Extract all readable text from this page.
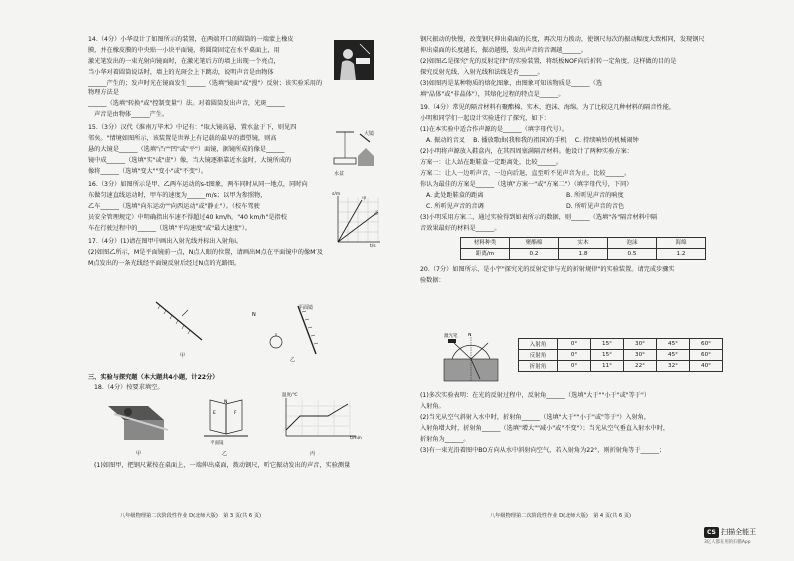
14.（4分）小华设计了如图所示的装置，在两端开口的圆筒的一端蒙上橡皮

膜，并在橡皮膜的中央贴一小块平面镜，将圆筒固定在水平桌面上，用

激光笔发出的一束光射向镜面时，在激光笔后方的墙上出现一个亮点，

当小华对着圆筒说话时，墙上的光斑会上下跳动，说明声音是由物体

______产生的；发声时光在镜面发生______（选填"镜面"或"漫"）反射；该实验采用的物理方法是

______（选填"转换"或"控制变量"）法。对着圆筒发出声音，光斑______

声音是由物体______产生。

15.（3分）汉代《淮南万毕术》中记有："取大镜高悬，置水盆于下，则见四

邻矣。"情境如图所示，该装置是世界上有记载的最早的潜望镜，则高

悬的大镜是______（选填"凸""凹"或"平"）面镜，据镜所成的像是______

镜中成______（选填"实"或"虚"）像，当大镜逐渐靠近水盆时，大镜所成的

像将______（选填"变大""变小"或"不变"）。

16.（3分）如图所示是甲、乙两车运动的s-t图象，两车同时从同一地点，同时向

东做匀速直线运动时，甲车的速度为______m/s；以甲为参照物，

乙车______（选填"向东运动""向西运动"或"静止"）。（校车驾驶

员安全管理规定）中明确指出车速不得超过40 km/h，"40 km/h"是指校

车在行驶过程中的______（选填"平均速度"或"最大速度"）。

17.（4分）(1)请在图甲中画出入射光线并标出入射角i。

(2)如图乙所示，M是平面镜前一点，N点人眼的位置，请画出M点在平面镜中的像M′及

M点发出的一条光线经平面镜反射后经过N点的光路图。

大镜
水盆
s/m
t/s
甲
乙
甲
N
平面镜
乙

三、实验与探究题（本大题共4小题，计22分）

18.（4分）按要求填空。

甲
E	F
N
平面镜
乙
温度/℃
t/min
丙

(1)如图甲，把钢尺紧按在桌面上，一端伸出桌面，拨动钢尺，听它振动发出的声音，实验测量

八年级物理第二次阶段性作业 D(北师大版)　第 3 页(共 6 页)

钢尺振动的快慢，改变钢尺伸出桌面的长度，再次用力拨动，使钢尺每次的振动幅度大致相同，发现钢尺

伸出桌面的长度越长，振动越慢，发出声音的音调越______。

(2)如图乙是探究"光的反射定律"的实验装置，将纸板NOF向后折转一定角度，这样做的目的是

探究反射光线、入射光线和法线是否______。

(3)如图丙是某种物质的熔化图象，由图象可知该物质是______（选

填"晶体"或"非晶体"），其熔化过程的特点是______。

19.（4分）常见的隔音材料有聚酯棉、实木、泡沫、海绵。为了比较这几种材料的隔音性能，

小明和同学们一起设计实验进行了探究，如下：

(1)在本实验中适合作声源的是______（填字母代号）。

A. 振动的音叉　 B. 播放歌曲(我和我的祖国)的手机　 C. 持续响铃的机械闹钟

(2)小明将声源放入鞋盒内，在其四周塞满隔音材料。他设计了两种实验方案：

方案一：让人站在距鞋盒一定距离处，比较______。

方案二：让人一边听声音，一边向后退，直至听不见声音为止，比较______。

你认为最佳的方案是______（选填"方案一"或"方案二"）（填字母代号，下同）

A. 此处距鞋盒的距离	B. 所听见声音的响度

C. 所听见声音的音调	D. 所听见声音的音色

(3)小明采用方案二，通过实验得到如表所示的数据，则______（选填"各"隔音材料中隔

音效果最好的材料是______。

材料种类	聚酯棉	实木	泡沫	海绵
距离/m	0.2	1.8	0.5	1.2

20.（7分）如图所示，是小宇"探究光的反射定律与光的折射规律"的实验装置。请完成步骤实

验数据：

N
激光笔
入射角	0°	15°	30°	45°	60°
反射角	0°	15°	30°	45°	60°
折射角	0°	11°	22°	32°	40°

(1)多次实验表明：在光的反射过程中，反射角______（选填"大于""小于"或"等于"）

入射角。

(2)当光从空气斜射入水中时，折射角______（选填"大于""小于"或"等于"）入射角，

入射角增大时，折射角______（选填"增大""减小"或"不变"）；当光从空气垂直入射水中时，

折射角为______。

(3)有一束光沿着图中BO方向从水中斜射向空气，若入射角为22°，则折射角等于______；

八年级物理第二次阶段性作业 D(北师大版)　第 4 页(共 6 页)

CS 扫描全能王
3亿人都在用的扫描App
